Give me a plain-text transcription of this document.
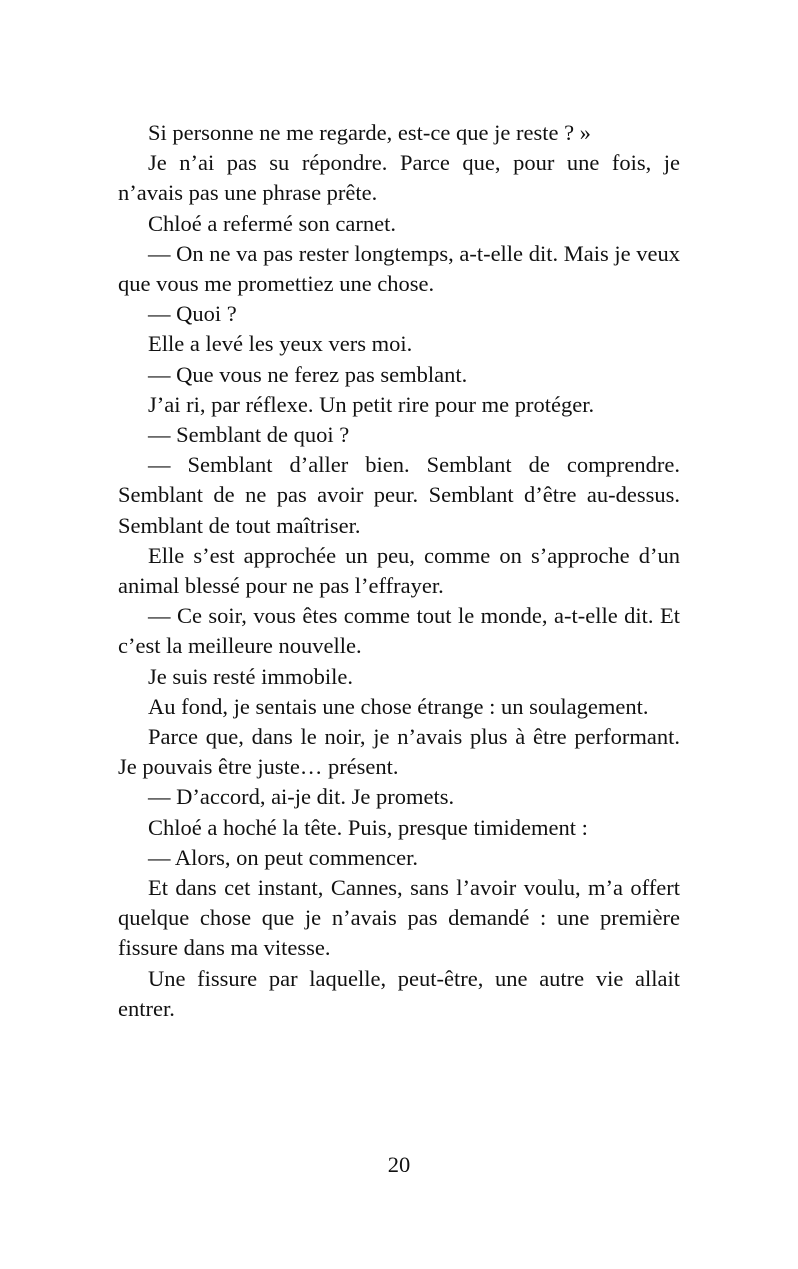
Si personne ne me regarde, est-ce que je reste ? »

Je n’ai pas su répondre. Parce que, pour une fois, je n’avais pas une phrase prête.

Chloé a refermé son carnet.

— On ne va pas rester longtemps, a-t-elle dit. Mais je veux que vous me promettiez une chose.

— Quoi ?

Elle a levé les yeux vers moi.

— Que vous ne ferez pas semblant.

J’ai ri, par réflexe. Un petit rire pour me protéger.

— Semblant de quoi ?

— Semblant d’aller bien. Semblant de comprendre. Semblant de ne pas avoir peur. Semblant d’être au-dessus. Semblant de tout maîtriser.

Elle s’est approchée un peu, comme on s’approche d’un animal blessé pour ne pas l’effrayer.

— Ce soir, vous êtes comme tout le monde, a-t-elle dit. Et c’est la meilleure nouvelle.

Je suis resté immobile.

Au fond, je sentais une chose étrange : un soulagement.

Parce que, dans le noir, je n’avais plus à être performant. Je pouvais être juste… présent.

— D’accord, ai-je dit. Je promets.

Chloé a hoché la tête. Puis, presque timidement :

— Alors, on peut commencer.

Et dans cet instant, Cannes, sans l’avoir voulu, m’a offert quelque chose que je n’avais pas demandé : une première fissure dans ma vitesse.

Une fissure par laquelle, peut-être, une autre vie allait entrer.

20
